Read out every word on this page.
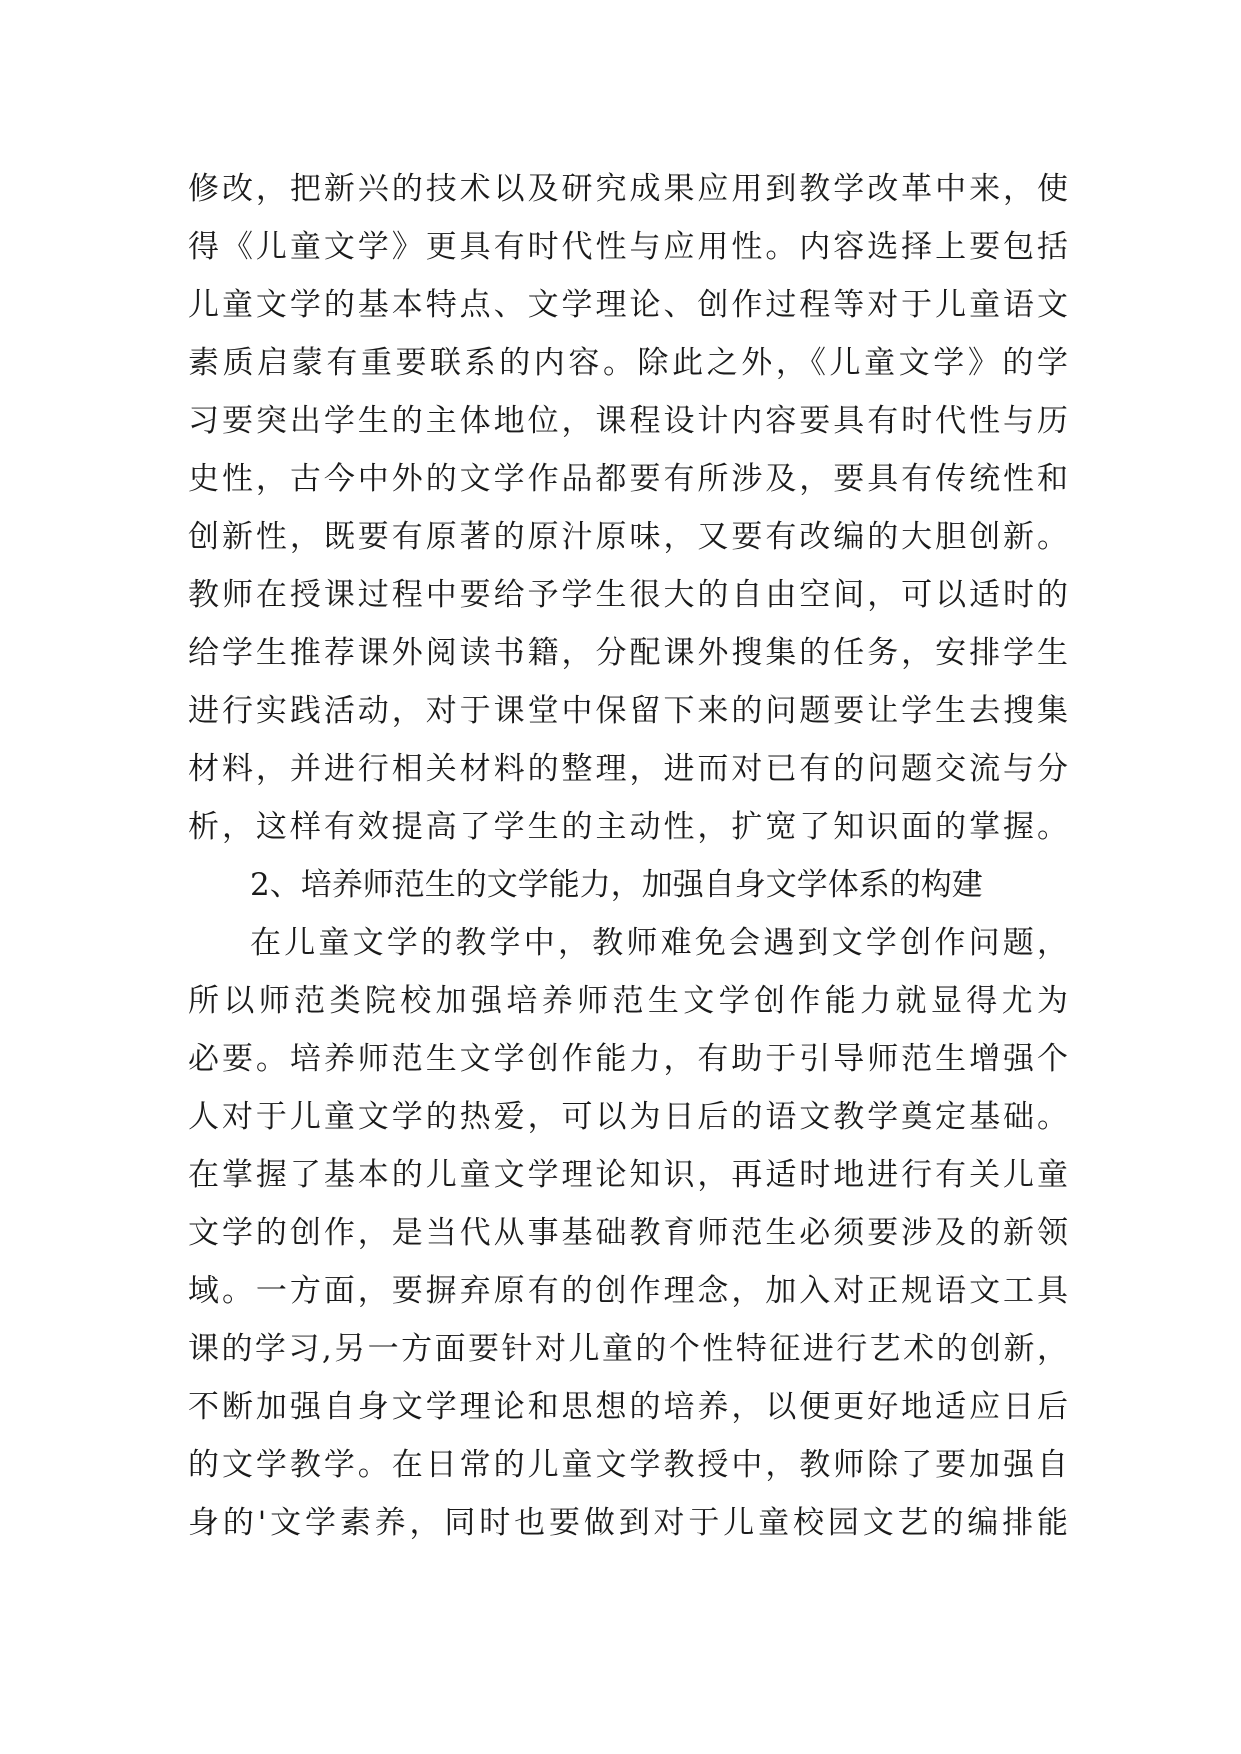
修改，把新兴的技术以及研究成果应用到教学改革中来，使
得《儿童文学》更具有时代性与应用性。内容选择上要包括
儿童文学的基本特点、文学理论、创作过程等对于儿童语文
素质启蒙有重要联系的内容。除此之外，《儿童文学》的学
习要突出学生的主体地位，课程设计内容要具有时代性与历
史性，古今中外的文学作品都要有所涉及，要具有传统性和
创新性，既要有原著的原汁原味，又要有改编的大胆创新。
教师在授课过程中要给予学生很大的自由空间，可以适时的
给学生推荐课外阅读书籍，分配课外搜集的任务，安排学生
进行实践活动，对于课堂中保留下来的问题要让学生去搜集
材料，并进行相关材料的整理，进而对已有的问题交流与分
析，这样有效提高了学生的主动性，扩宽了知识面的掌握。
2、培养师范生的文学能力，加强自身文学体系的构建
在儿童文学的教学中，教师难免会遇到文学创作问题，
所以师范类院校加强培养师范生文学创作能力就显得尤为
必要。培养师范生文学创作能力，有助于引导师范生增强个
人对于儿童文学的热爱，可以为日后的语文教学奠定基础。
在掌握了基本的儿童文学理论知识，再适时地进行有关儿童
文学的创作，是当代从事基础教育师范生必须要涉及的新领
域。一方面，要摒弃原有的创作理念，加入对正规语文工具
课的学习,另一方面要针对儿童的个性特征进行艺术的创新，
不断加强自身文学理论和思想的培养，以便更好地适应日后
的文学教学。在日常的儿童文学教授中，教师除了要加强自
身的'文学素养，同时也要做到对于儿童校园文艺的编排能
